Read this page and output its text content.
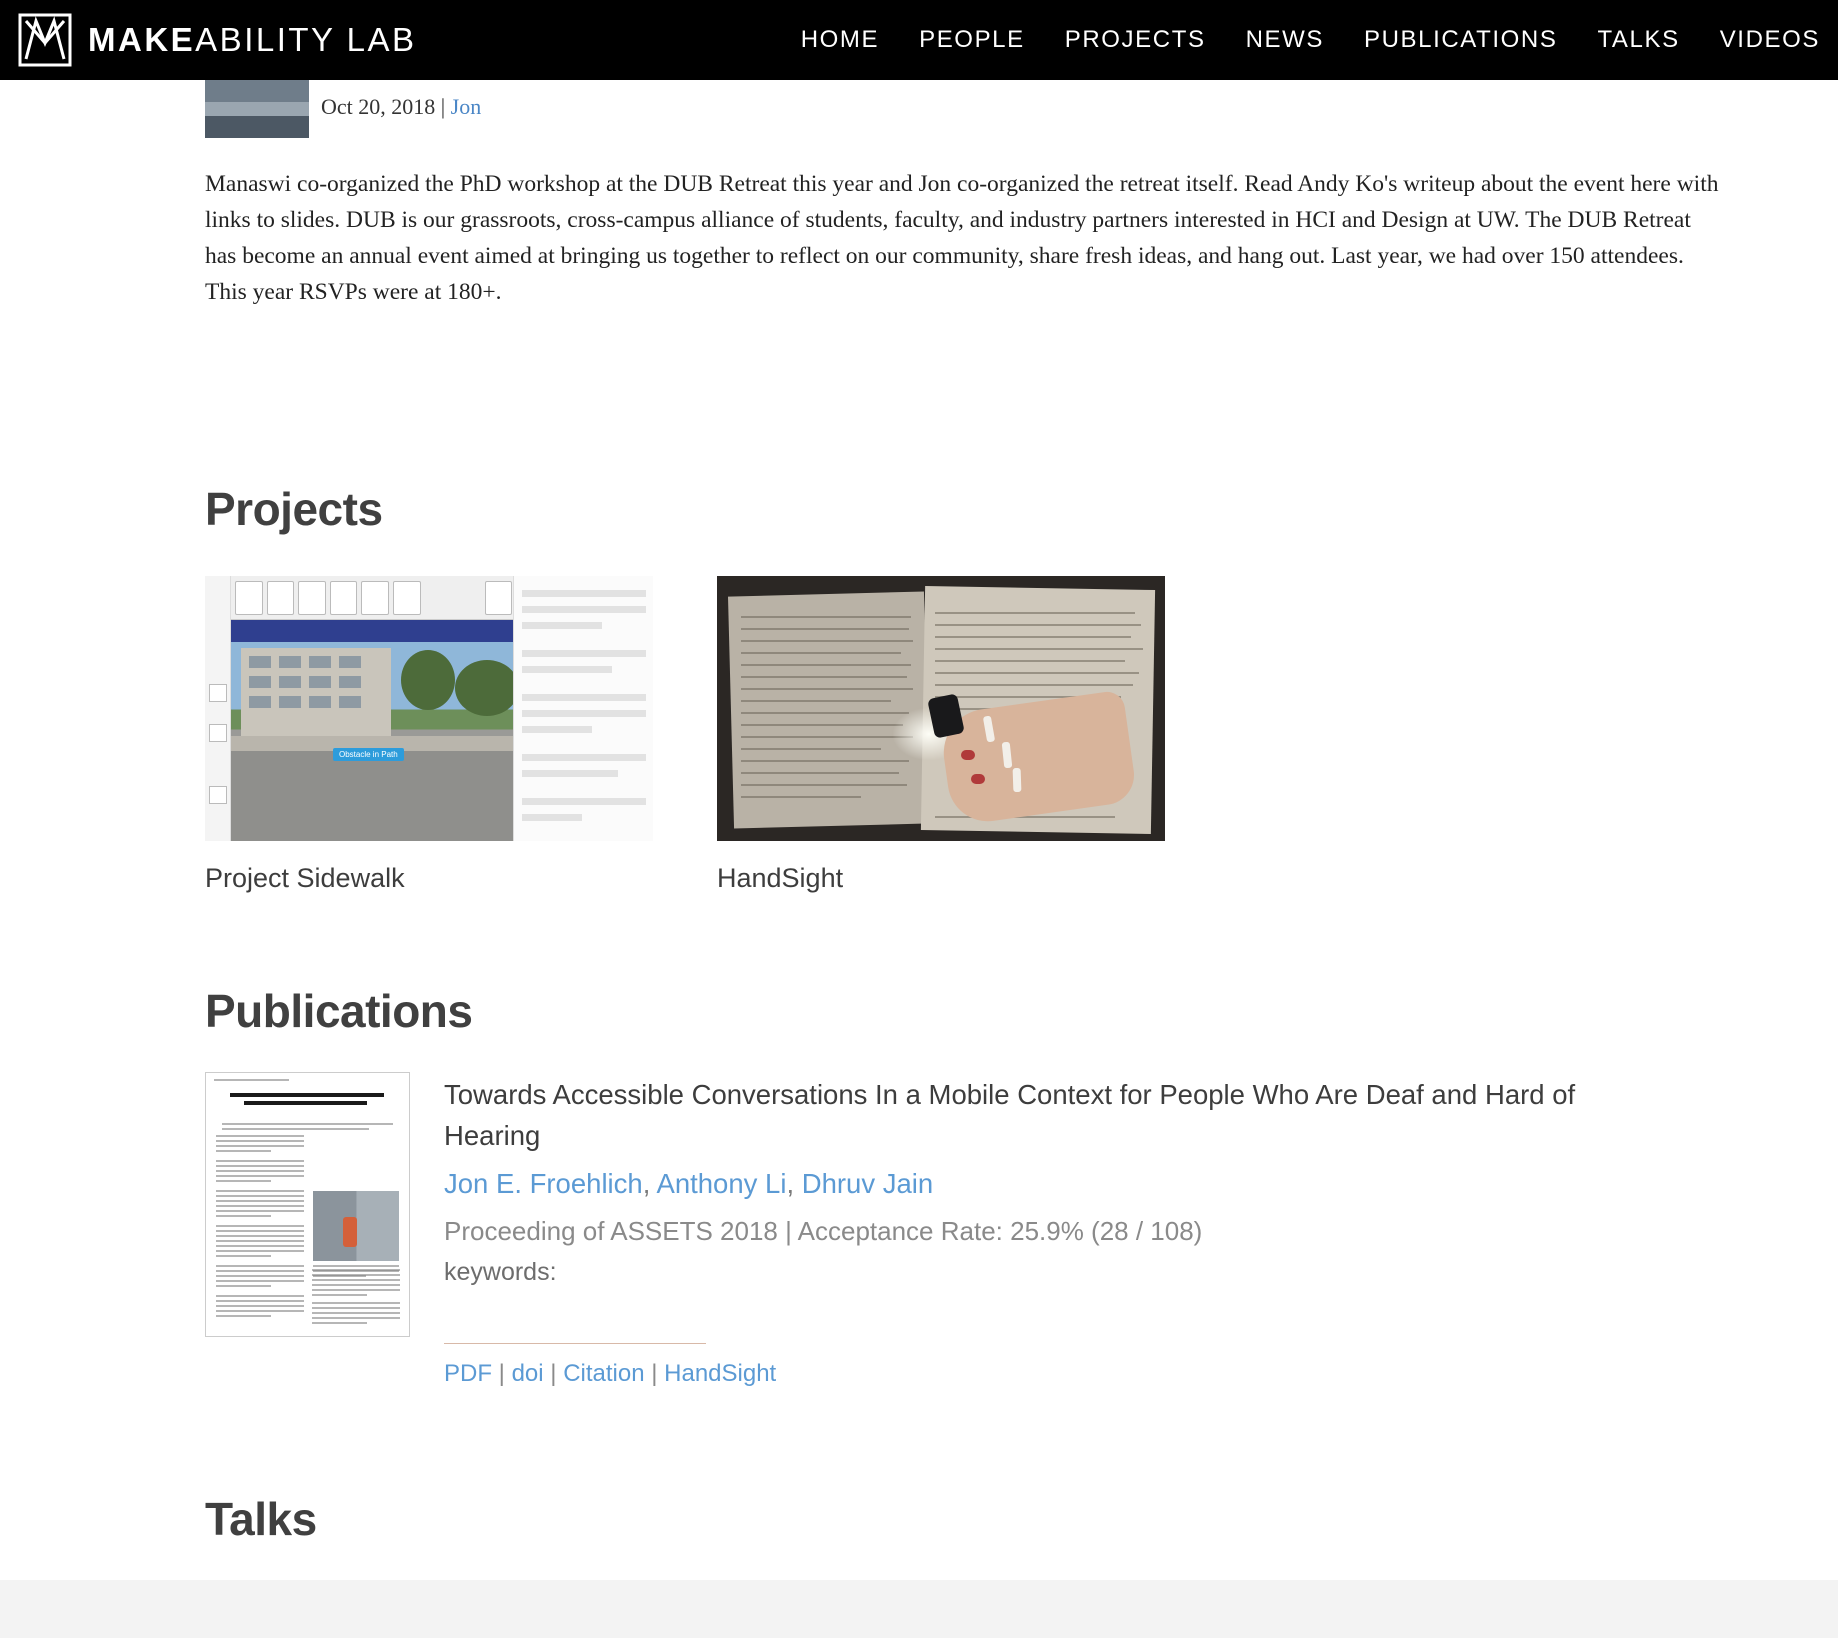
MAKEABILITY LAB	HOME PEOPLE PROJECTS NEWS PUBLICATIONS TALKS VIDEOS
Oct 20, 2018 | Jon
Manaswi co-organized the PhD workshop at the DUB Retreat this year and Jon co-organized the retreat itself. Read Andy Ko's writeup about the event here with links to slides. DUB is our grassroots, cross-campus alliance of students, faculty, and industry partners interested in HCI and Design at UW. The DUB Retreat has become an annual event aimed at bringing us together to reflect on our community, share fresh ideas, and hang out. Last year, we had over 150 attendees. This year RSVPs were at 180+.
Projects
Obstacle in Path
Project Sidewalk	HandSight
Publications
Towards Accessible Conversations In a Mobile Context for People Who Are Deaf and Hard of Hearing
Jon E. Froehlich, Anthony Li, Dhruv Jain
Proceeding of ASSETS 2018 | Acceptance Rate: 25.9% (28 / 108)
keywords:
PDF | doi | Citation | HandSight
Talks
